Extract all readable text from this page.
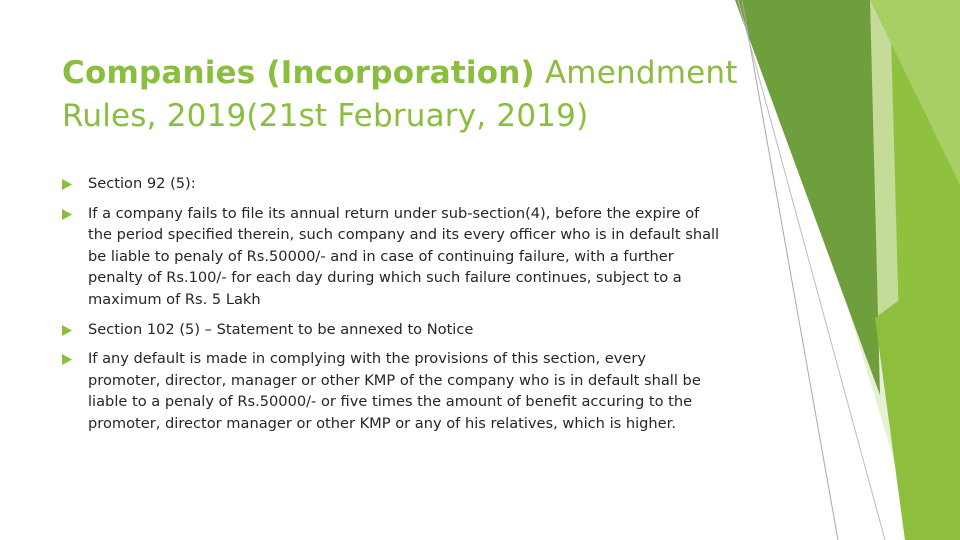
Companies (Incorporation) Amendment Rules, 2019(21st February, 2019)
Section 92 (5):
If a company fails to file its annual return under sub-section(4), before the expire of the period specified therein, such company and its every officer who is in default shall be liable to penaly of Rs.50000/- and in case of continuing failure, with a further penalty of Rs.100/- for each day during which such failure continues, subject to a maximum of Rs. 5 Lakh
Section 102 (5) – Statement to be annexed to Notice
If any default is made in complying with the provisions of this section, every promoter, director, manager or other KMP of the company who is in default shall be liable to a penaly of Rs.50000/- or five times the amount of benefit accuring to the promoter, director manager or other KMP or any of his relatives, which is higher.
